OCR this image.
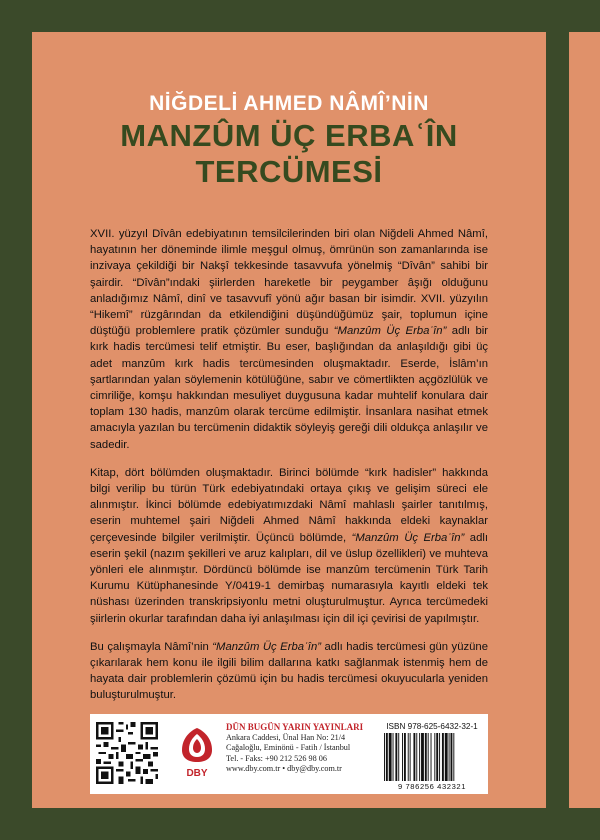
NİĞDELİ AHMED NÂMÎ’NİN
MANZÛM ÜÇ ERBAʿÎN
TERCÜMESİ

XVII. yüzyıl Dîvân edebiyatının temsilcilerinden biri olan Niğdeli Ahmed Nâmî, hayatının her döneminde ilimle meşgul olmuş, ömrünün son zamanlarında ise inzivaya çekildiği bir Nakşî tekkesinde tasavvufa yönelmiş “Dîvân” sahibi bir şairdir. “Dîvân”ındaki şiirlerden hareketle bir peygamber âşığı olduğunu anladığımız Nâmî, dinî ve tasavvufî yönü ağır basan bir isimdir. XVII. yüzyılın “Hikemî” rüzgârından da etkilendiğini düşündüğümüz şair, toplumun içine düştüğü problemlere pratik çözümler sunduğu “Manzûm Üç Erbaʿîn” adlı bir kırk hadis tercümesi telif etmiştir. Bu eser, başlığından da anlaşıldığı gibi üç adet manzûm kırk hadis tercümesinden oluşmaktadır. Eserde, İslâm’ın şartlarından yalan söylemenin kötülüğüne, sabır ve cömertlikten açgözlülük ve cimriliğe, komşu hakkından mesuliyet duygusuna kadar muhtelif konulara dair toplam 130 hadis, manzûm olarak tercüme edilmiştir. İnsanlara nasihat etmek amacıyla yazılan bu tercümenin didaktik söyleyiş gereği dili oldukça anlaşılır ve sadedir.

Kitap, dört bölümden oluşmaktadır. Birinci bölümde “kırk hadisler” hakkında bilgi verilip bu türün Türk edebiyatındaki ortaya çıkış ve gelişim süreci ele alınmıştır. İkinci bölümde edebiyatımızdaki Nâmî mahlaslı şairler tanıtılmış, eserin muhtemel şairi Niğdeli Ahmed Nâmî hakkında eldeki kaynaklar çerçevesinde bilgiler verilmiştir. Üçüncü bölümde, “Manzûm Üç Erbaʿîn” adlı eserin şekil (nazım şekilleri ve aruz kalıpları, dil ve üslup özellikleri) ve muhteva yönleri ele alınmıştır. Dördüncü bölümde ise manzûm tercümenin Türk Tarih Kurumu Kütüphanesinde Y/0419-1 demirbaş numarasıyla kayıtlı eldeki tek nüshası üzerinden transkripsiyonlu metni oluşturulmuştur. Ayrıca tercümedeki şiirlerin okurlar tarafından daha iyi anlaşılması için dil içi çevirisi de yapılmıştır.

Bu çalışmayla Nâmî’nin “Manzûm Üç Erbaʿîn” adlı hadis tercümesi gün yüzüne çıkarılarak hem konu ile ilgili bilim dallarına katkı sağlanmak istenmiş hem de hayata dair problemlerin çözümü için bu hadis tercümesi okuyucularla yeniden buluşturulmuştur.

DBY
DÜN BUGÜN YARIN YAYINLARI
Ankara Caddesi, Ünal Han No: 21/4
Cağaloğlu, Eminönü - Fatih / İstanbul
Tel. - Faks: +90 212 526 98 06
www.dby.com.tr • dby@dby.com.tr
ISBN 978-625-6432-32-1
9 786256 432321
